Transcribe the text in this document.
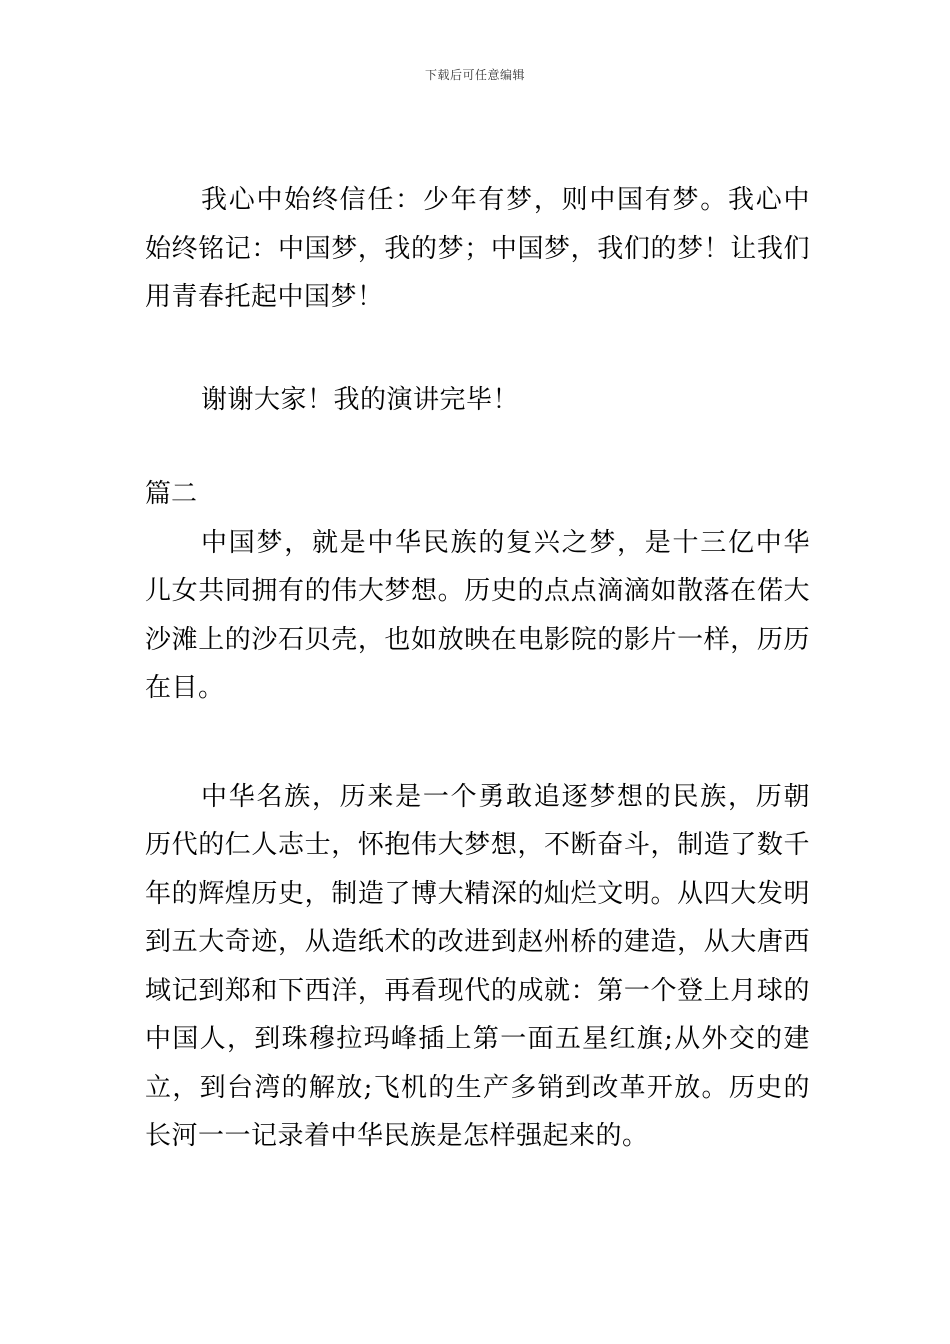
下载后可任意编辑

我心中始终信任：少年有梦，则中国有梦。我心中始终铭记：中国梦，我的梦；中国梦，我们的梦！让我们用青春托起中国梦！

谢谢大家！我的演讲完毕！

篇二

中国梦，就是中华民族的复兴之梦，是十三亿中华儿女共同拥有的伟大梦想。历史的点点滴滴如散落在偌大沙滩上的沙石贝壳，也如放映在电影院的影片一样，历历在目。

中华名族，历来是一个勇敢追逐梦想的民族，历朝历代的仁人志士，怀抱伟大梦想，不断奋斗，制造了数千年的辉煌历史，制造了博大精深的灿烂文明。从四大发明到五大奇迹，从造纸术的改进到赵州桥的建造，从大唐西域记到郑和下西洋，再看现代的成就：第一个登上月球的中国人，到珠穆拉玛峰插上第一面五星红旗;从外交的建立，到台湾的解放;飞机的生产多销到改革开放。历史的长河一一记录着中华民族是怎样强起来的。
